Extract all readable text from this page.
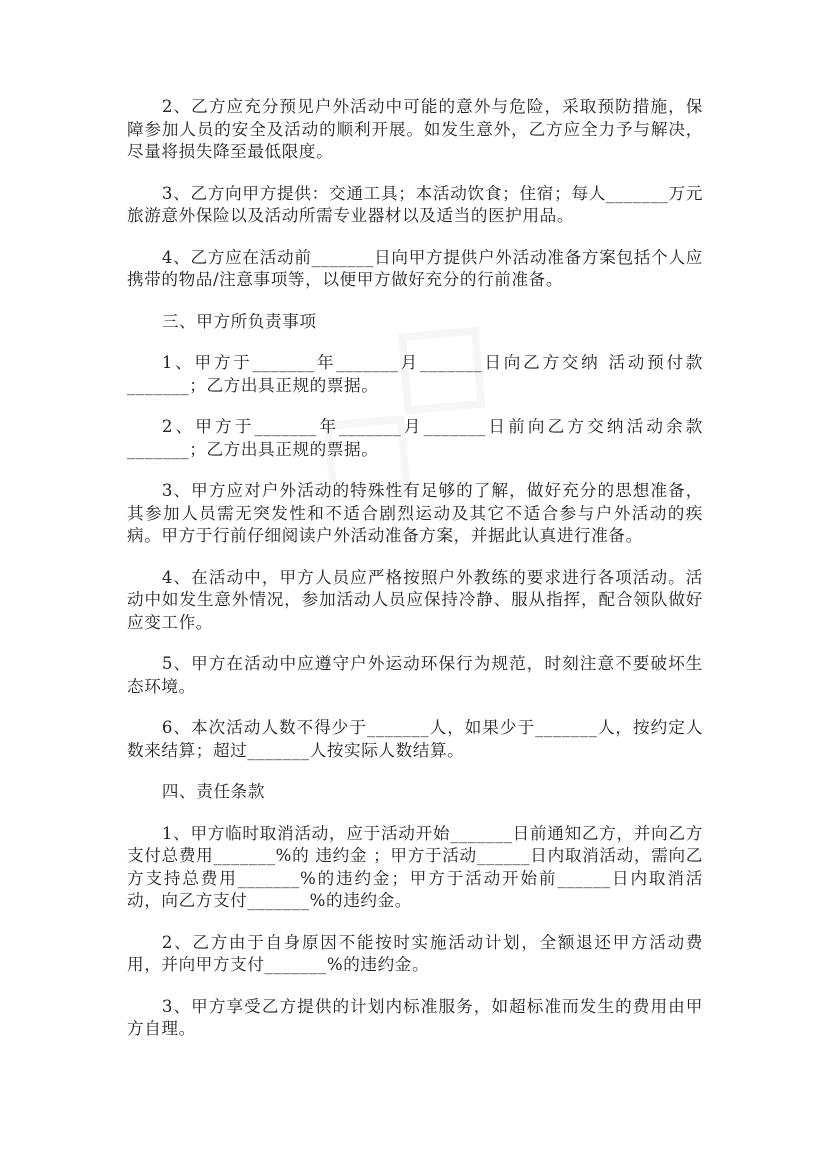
2、乙方应充分预见户外活动中可能的意外与危险，采取预防措施，保障参加人员的安全及活动的顺利开展。如发生意外，乙方应全力予与解决，尽量将损失降至最低限度。

3、乙方向甲方提供：交通工具；本活动饮食；住宿；每人_______万元旅游意外保险以及活动所需专业器材以及适当的医护用品。

4、乙方应在活动前_______日向甲方提供户外活动准备方案包括个人应携带的物品/注意事项等，以便甲方做好充分的行前准备。

三、甲方所负责事项

1、甲方于_______年_______月_______日向乙方交纳 活动预付款 _______；乙方出具正规的票据。

2、甲方于_______年_______月_______日前向乙方交纳活动余款_______；乙方出具正规的票据。

3、甲方应对户外活动的特殊性有足够的了解，做好充分的思想准备，其参加人员需无突发性和不适合剧烈运动及其它不适合参与户外活动的疾病。甲方于行前仔细阅读户外活动准备方案，并据此认真进行准备。

4、在活动中，甲方人员应严格按照户外教练的要求进行各项活动。活动中如发生意外情况，参加活动人员应保持冷静、服从指挥，配合领队做好应变工作。

5、甲方在活动中应遵守户外运动环保行为规范，时刻注意不要破坏生态环境。

6、本次活动人数不得少于_______人，如果少于_______人，按约定人数来结算；超过_______人按实际人数结算。

四、责任条款

1、甲方临时取消活动，应于活动开始_______日前通知乙方，并向乙方支付总费用_______%的 违约金 ；甲方于活动______日内取消活动，需向乙方支持总费用_______%的违约金；甲方于活动开始前______日内取消活动，向乙方支付_______%的违约金。

2、乙方由于自身原因不能按时实施活动计划，全额退还甲方活动费用，并向甲方支付_______%的违约金。

3、甲方享受乙方提供的计划内标准服务，如超标准而发生的费用由甲方自理。
